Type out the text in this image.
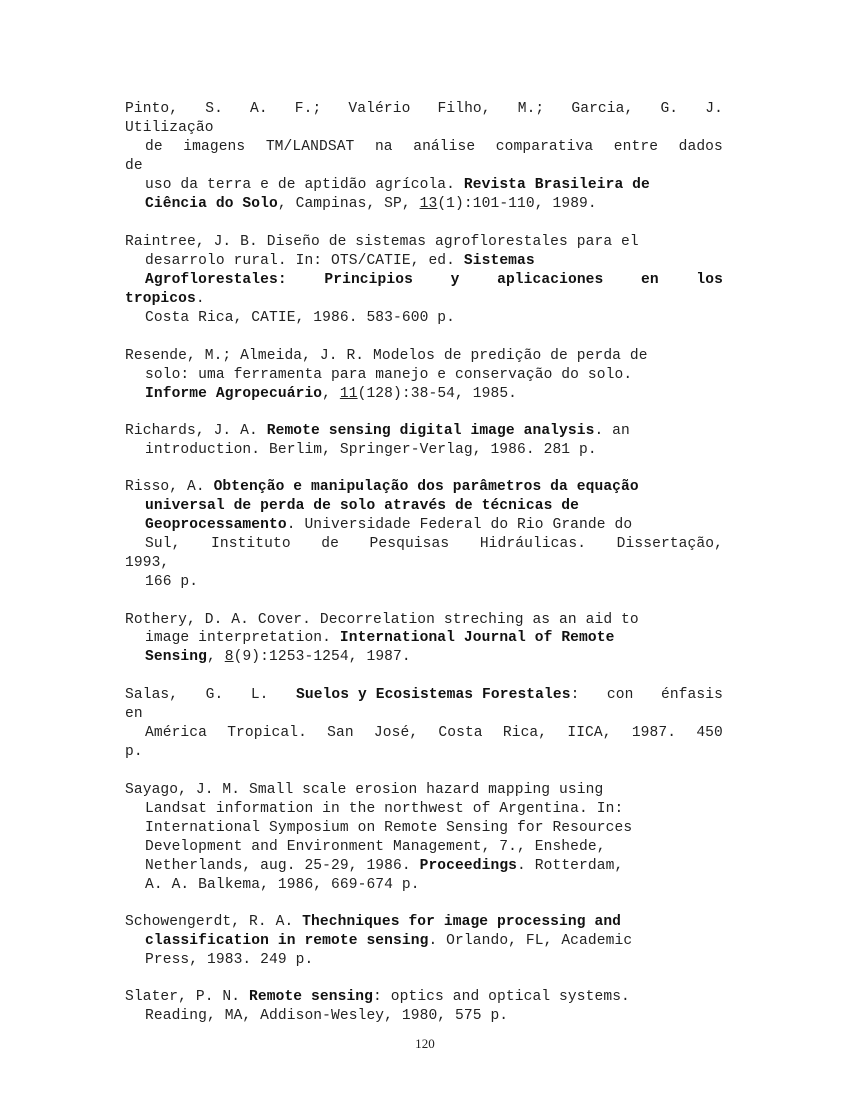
Pinto, S. A. F.; Valério Filho, M.; Garcia, G. J.
Utilização
de imagens TM/LANDSAT na análise comparativa entre dados
de
uso da terra e de aptidão agrícola. Revista Brasileira de
Ciência do Solo, Campinas, SP, 13(1):101-110, 1989.
Raintree, J. B. Diseño de sistemas agroflorestales para el
desarrolo rural. In: OTS/CATIE, ed. Sistemas
Agroflorestales:	Principios	y	aplicaciones	en	los
tropicos.
Costa Rica, CATIE, 1986. 583-600 p.
Resende, M.; Almeida, J. R. Modelos de predição de perda de
solo: uma ferramenta para manejo e conservação do solo.
Informe Agropecuário, 11(128):38-54, 1985.
Richards, J. A. Remote sensing digital image analysis. an
introduction. Berlim, Springer-Verlag, 1986. 281 p.
Risso, A. Obtenção e manipulação dos parâmetros da equação
universal de perda de solo através de técnicas de
Geoprocessamento. Universidade Federal do Rio Grande do
Sul, Instituto de Pesquisas Hidráulicas. Dissertação,
1993,
166 p.
Rothery, D. A. Cover. Decorrelation streching as an aid to
image interpretation. International Journal of Remote
Sensing, 8(9):1253-1254, 1987.
Salas, G. L. Suelos y Ecosistemas Forestales: con énfasis
en
América Tropical. San José, Costa Rica, IICA, 1987. 450
p.
Sayago, J. M. Small scale erosion hazard mapping using
Landsat information in the northwest of Argentina. In:
International Symposium on Remote Sensing for Resources
Development and Environment Management, 7., Enshede,
Netherlands, aug. 25-29, 1986. Proceedings. Rotterdam,
A. A. Balkema, 1986, 669-674 p.
Schowengerdt, R. A. Thechniques for image processing and
classification in remote sensing. Orlando, FL, Academic
Press, 1983. 249 p.
Slater, P. N. Remote sensing: optics and optical systems.
Reading, MA, Addison-Wesley, 1980, 575 p.
120
